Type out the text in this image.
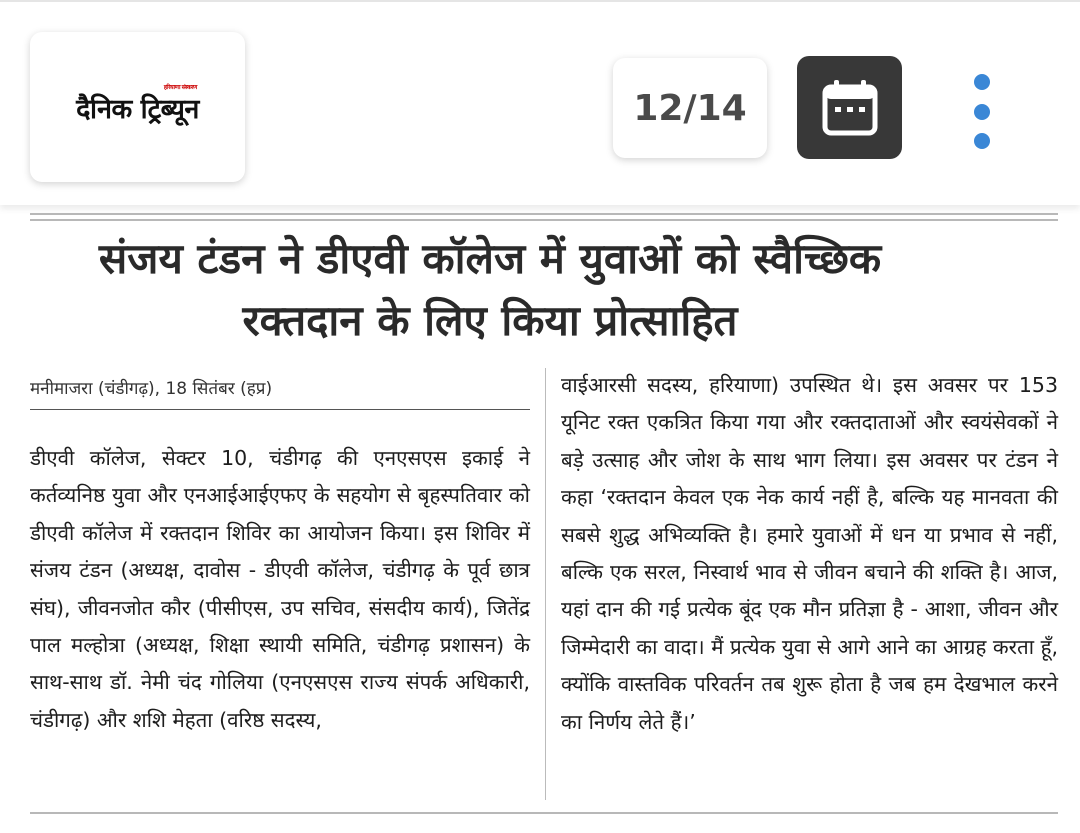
दैनिक ट्रिब्यून
हरियाणा संस्करण
12/14
संजय टंडन ने डीएवी कॉलेज में युवाओं को स्वैच्छिक
रक्तदान के लिए किया प्रोत्साहित
मनीमाजरा (चंडीगढ़), 18 सितंबर (हप्र)

डीएवी कॉलेज, सेक्टर 10, चंडीगढ़ की एनएसएस इकाई ने कर्तव्यनिष्ठ युवा और एनआईआईएफए के सहयोग से बृहस्पतिवार को डीएवी कॉलेज में रक्तदान शिविर का आयोजन किया। इस शिविर में संजय टंडन (अध्यक्ष, दावोस - डीएवी कॉलेज, चंडीगढ़ के पूर्व छात्र संघ), जीवनजोत कौर (पीसीएस, उप सचिव, संसदीय कार्य), जितेंद्र पाल मल्होत्रा (अध्यक्ष, शिक्षा स्थायी समिति, चंडीगढ़ प्रशासन) के साथ-साथ डॉ. नेमी चंद गोलिया (एनएसएस राज्य संपर्क अधिकारी, चंडीगढ़) और शशि मेहता (वरिष्ठ सदस्य,

वाईआरसी सदस्य, हरियाणा) उपस्थित थे। इस अवसर पर 153 यूनिट रक्त एकत्रित किया गया और रक्तदाताओं और स्वयंसेवकों ने बड़े उत्साह और जोश के साथ भाग लिया। इस अवसर पर टंडन ने कहा ‘रक्तदान केवल एक नेक कार्य नहीं है, बल्कि यह मानवता की सबसे शुद्ध अभिव्यक्ति है। हमारे युवाओं में धन या प्रभाव से नहीं, बल्कि एक सरल, निस्वार्थ भाव से जीवन बचाने की शक्ति है। आज, यहां दान की गई प्रत्येक बूंद एक मौन प्रतिज्ञा है - आशा, जीवन और जिम्मेदारी का वादा। मैं प्रत्येक युवा से आगे आने का आग्रह करता हूँ, क्योंकि वास्तविक परिवर्तन तब शुरू होता है जब हम देखभाल करने का निर्णय लेते हैं।’
